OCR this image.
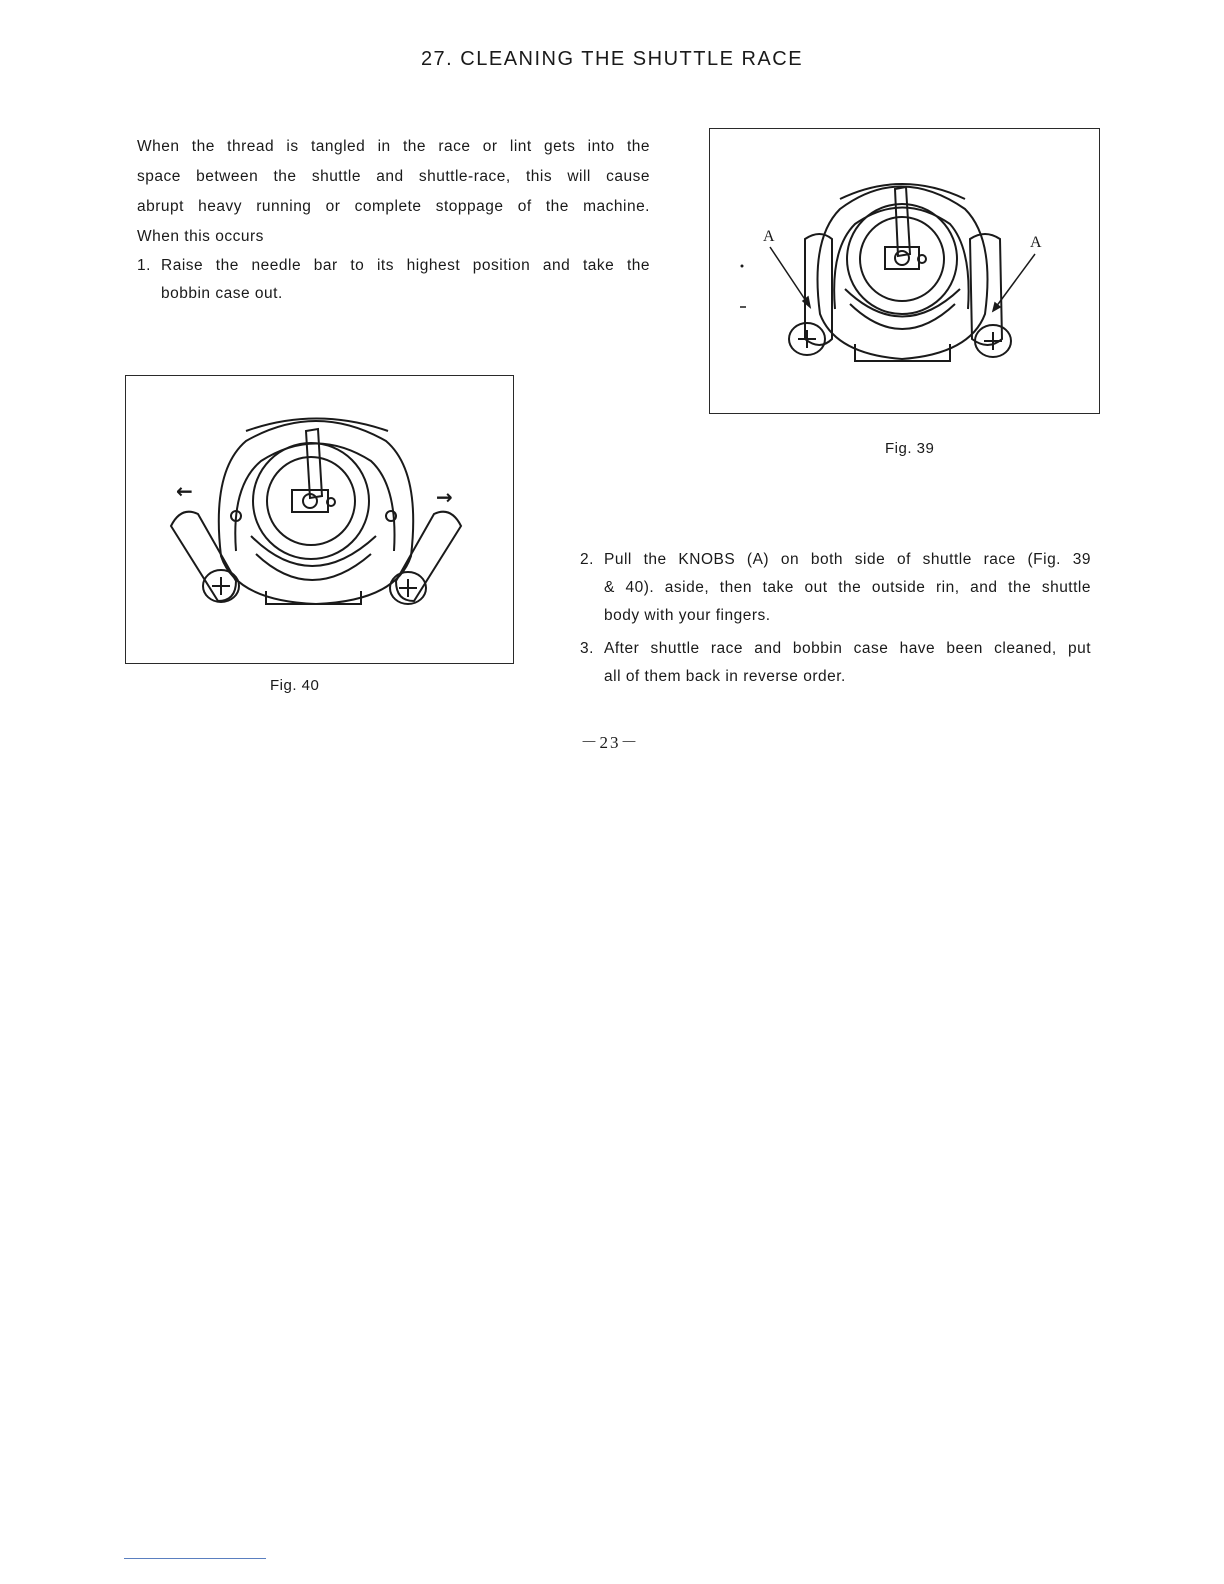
27. CLEANING THE SHUTTLE RACE
When the thread is tangled in the race or lint gets into the
space between the shuttle and shuttle-race, this will cause
abrupt heavy running or complete stoppage of the machine.
When this occurs
1. Raise the needle bar to its highest position and take the
bobbin case out.
A	A
Fig. 39
←	→
Fig. 40
2. Pull the KNOBS (A) on both side of shuttle race (Fig. 39
& 40). aside, then take out the outside rin, and the shuttle
body with your fingers.
3. After shuttle race and bobbin case have been cleaned, put
all of them back in reverse order.
－23－
